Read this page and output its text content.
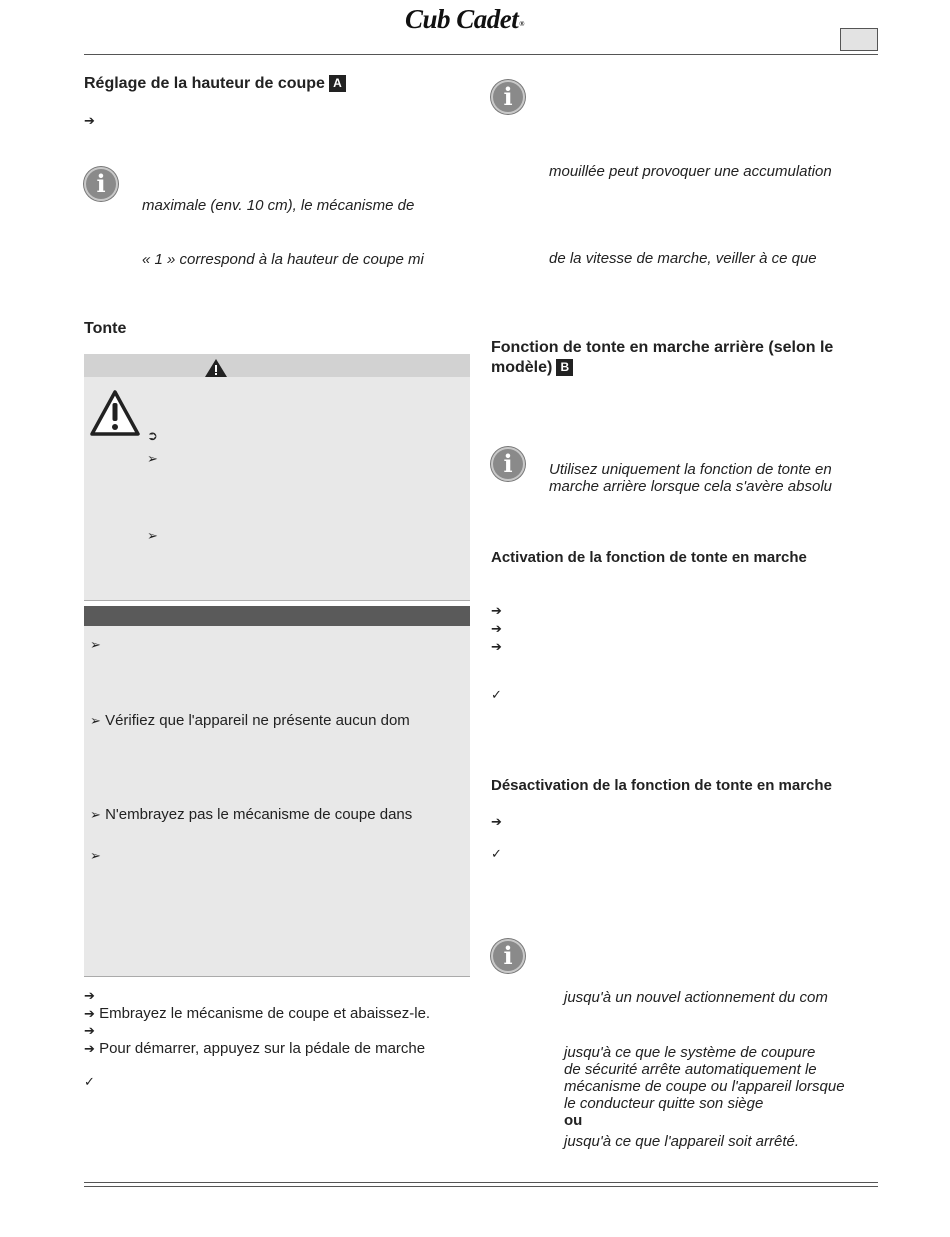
Cub Cadet®
Réglage de la hauteur de coupe A
➔
i
maximale (env. 10 cm), le mécanisme de
« 1 » correspond à la hauteur de coupe mi
Tonte
➲
➢
➢
➢
➢ Vérifiez que l'appareil ne présente aucun dom
➢ N'embrayez pas le mécanisme de coupe dans
➢
➔
➔ Embrayez le mécanisme de coupe et abaissez-le.
➔
➔ Pour démarrer, appuyez sur la pédale de marche
✓
i
mouillée peut provoquer une accumulation
de la vitesse de marche, veiller à ce que
Fonction de tonte en marche arrière (selon le
modèle) B
i	Utilisez uniquement la fonction de tonte en
marche arrière lorsque cela s'avère absolu
Activation de la fonction de tonte en marche
➔
➔
➔
✓
Désactivation de la fonction de tonte en marche
➔
✓
i
jusqu'à un nouvel actionnement du com
jusqu'à ce que le système de coupure
de sécurité arrête automatiquement le
mécanisme de coupe ou l'appareil lorsque
le conducteur quitte son siège
ou
jusqu'à ce que l'appareil soit arrêté.
